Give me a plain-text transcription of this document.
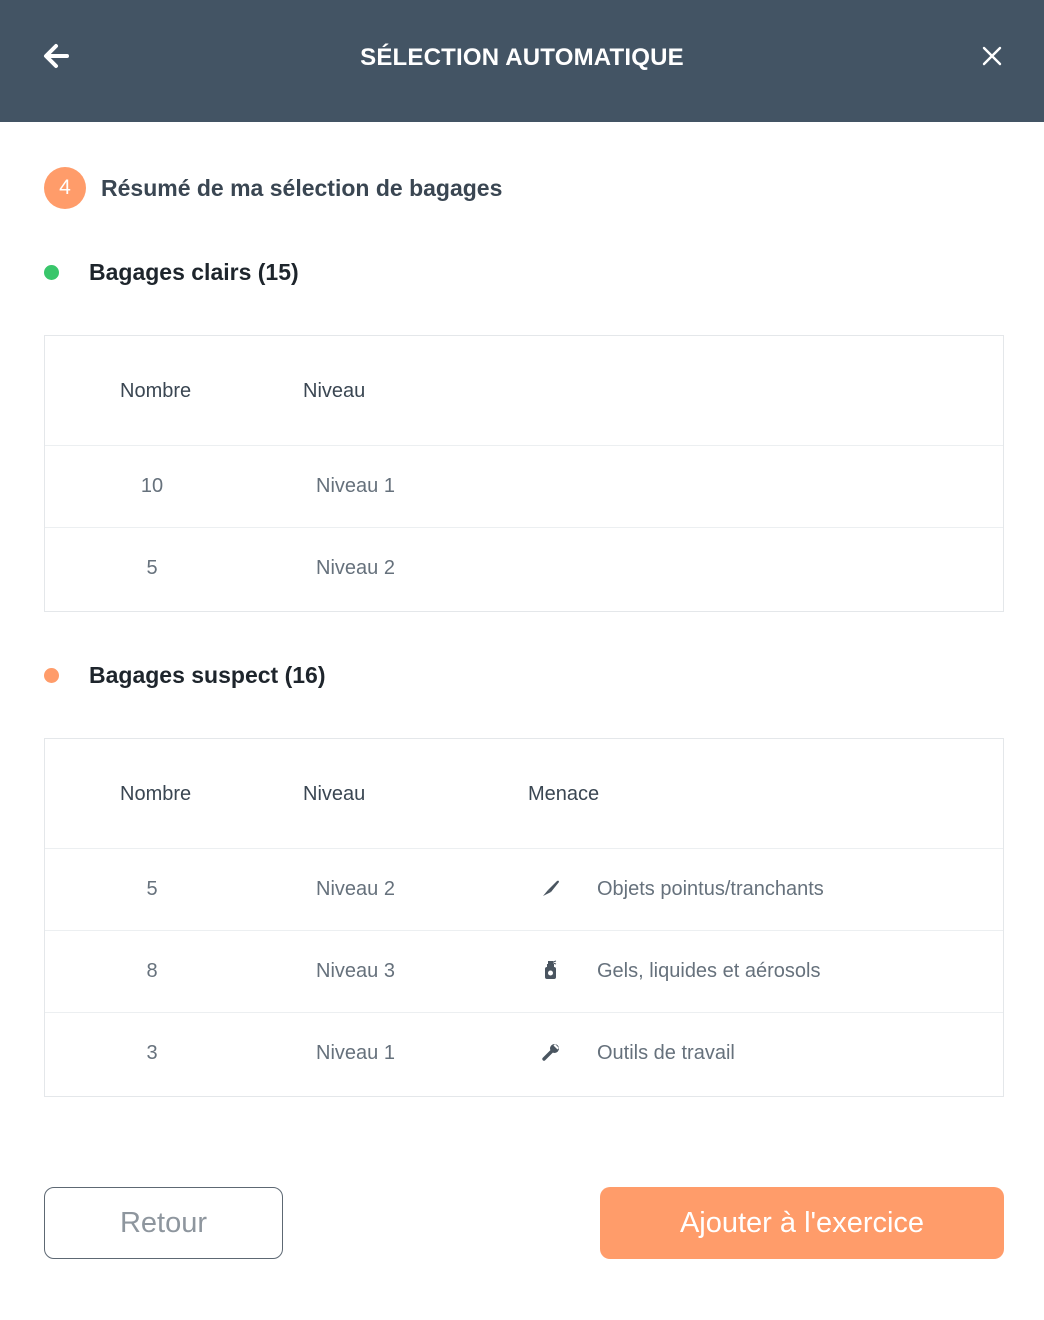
SÉLECTION AUTOMATIQUE
4	Résumé de ma sélection de bagages
Bagages clairs (15)
Nombre	Niveau
10	Niveau 1
5	Niveau 2
Bagages suspect (16)
Nombre	Niveau	Menace
5	Niveau 2	Objets pointus/tranchants
8	Niveau 3	Gels, liquides et aérosols
3	Niveau 1	Outils de travail
Retour	Ajouter à l'exercice
